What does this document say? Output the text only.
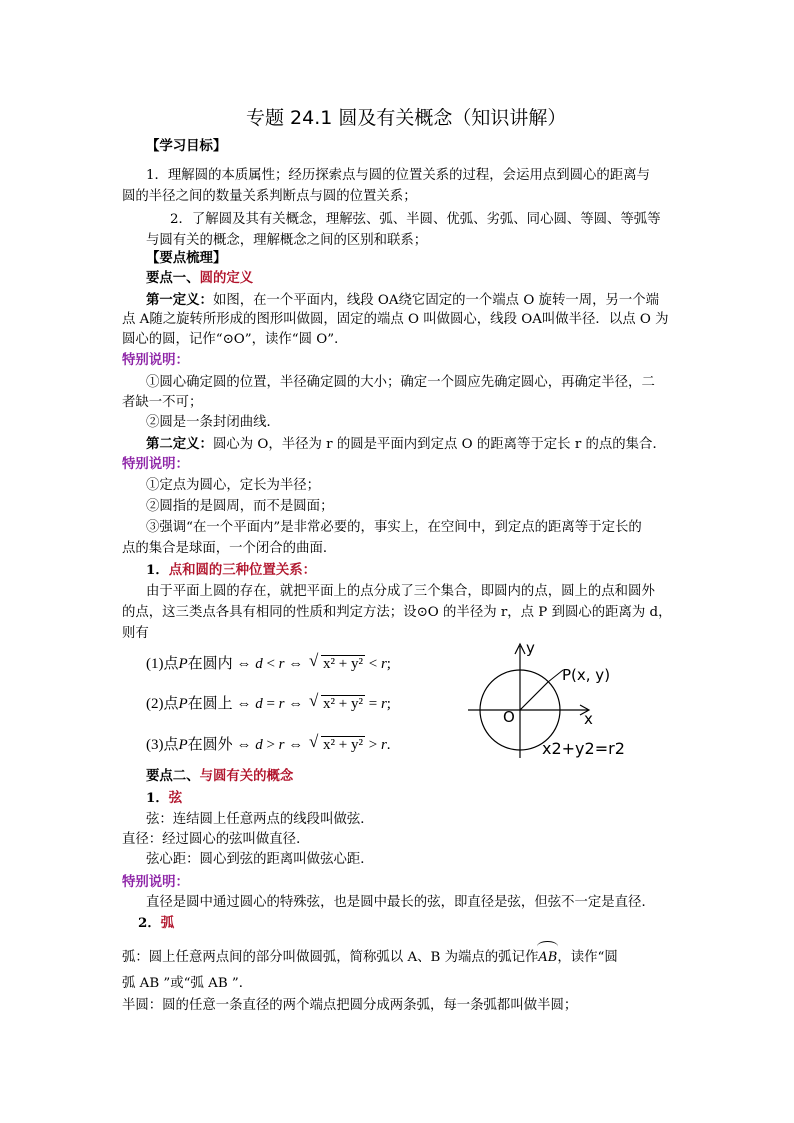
专题 24.1 圆及有关概念（知识讲解）
【学习目标】
1．理解圆的本质属性；经历探索点与圆的位置关系的过程，会运用点到圆心的距离与
圆的半径之间的数量关系判断点与圆的位置关系；
2．了解圆及其有关概念，理解弦、弧、半圆、优弧、劣弧、同心圆、等圆、等弧等
与圆有关的概念，理解概念之间的区别和联系；
【要点梳理】
要点一、圆的定义
第一定义：如图，在一个平面内，线段 OA绕它固定的一个端点 O 旋转一周，另一个端
点 A随之旋转所形成的图形叫做圆，固定的端点 O 叫做圆心，线段 OA叫做半径．以点 O 为
圆心的圆，记作“⊙O”，读作“圆 O”．
特别说明：
①圆心确定圆的位置，半径确定圆的大小；确定一个圆应先确定圆心，再确定半径，二
者缺一不可；
②圆是一条封闭曲线．
第二定义：圆心为 O，半径为 r 的圆是平面内到定点 O 的距离等于定长 r 的点的集合．
特别说明：
①定点为圆心，定长为半径；
②圆指的是圆周，而不是圆面；
③强调“在一个平面内”是非常必要的，事实上，在空间中，到定点的距离等于定长的
点的集合是球面，一个闭合的曲面．
1．点和圆的三种位置关系：
由于平面上圆的存在，就把平面上的点分成了三个集合，即圆内的点，圆上的点和圆外
的点，这三类点各具有相同的性质和判定方法；设⊙O 的半径为 r，点 P 到圆心的距离为 d，
则有
(1)点P在圆内 ⇔ d < r ⇔ √ x² + y² < r;
(2)点P在圆上 ⇔ d = r ⇔ √ x² + y² = r;
(3)点P在圆外 ⇔ d > r ⇔ √ x² + y² > r.
y
x
O
P(x, y)
x2+y2=r2
要点二、与圆有关的概念
1．弦
弦：连结圆上任意两点的线段叫做弦．
直径：经过圆心的弦叫做直径．
弦心距：圆心到弦的距离叫做弦心距．
特别说明：
直径是圆中通过圆心的特殊弦，也是圆中最长的弦，即直径是弦，但弦不一定是直径．
2．弧
弧：圆上任意两点间的部分叫做圆弧，简称弧以 A、B 为端点的弧记作AB，读作“圆
弧 AB ”或“弧 AB ”．
半圆：圆的任意一条直径的两个端点把圆分成两条弧，每一条弧都叫做半圆；
